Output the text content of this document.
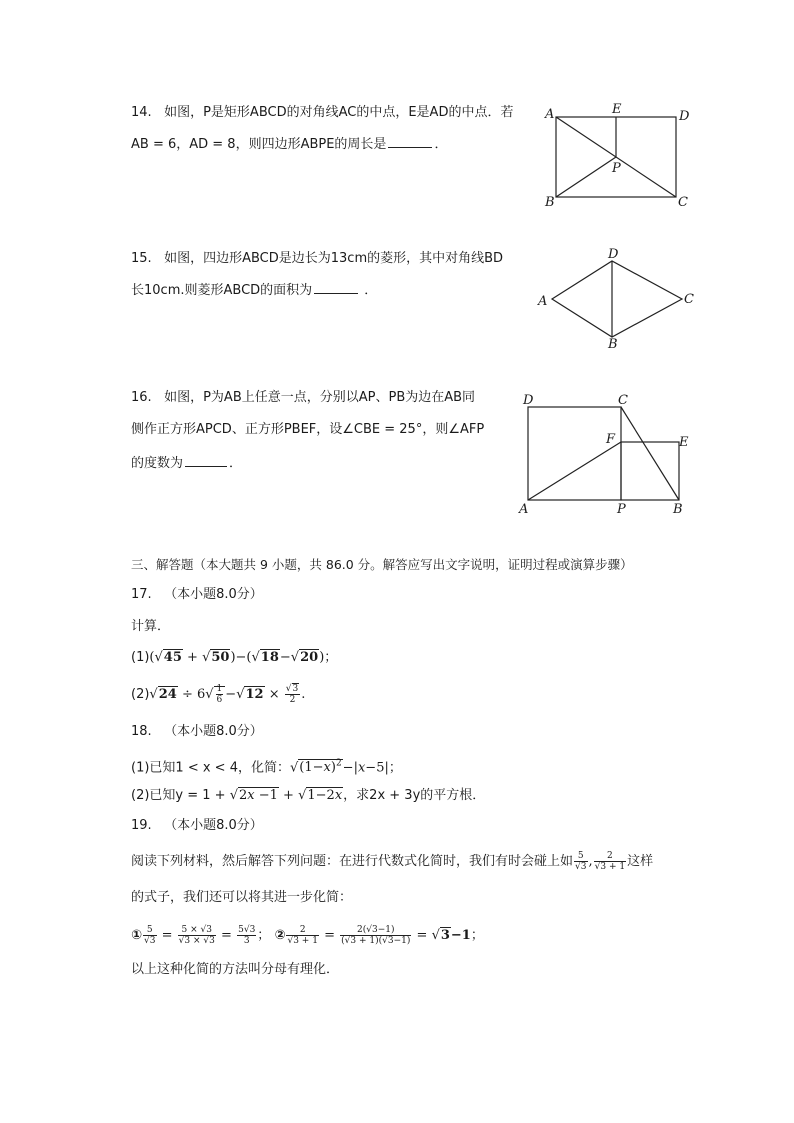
14. 如图，P是矩形ABCD的对角线AC的中点，E是AD的中点．若
AB = 6，AD = 8，则四边形ABPE的周长是	．
A	E	D
P
B	C
15. 如图，四边形ABCD是边长为13cm的菱形，其中对角线BD
长10cm.则菱形ABCD的面积为	．
D
A	C
B
16. 如图，P为AB上任意一点，分别以AP、PB为边在AB同
侧作正方形APCD、正方形PBEF，设∠CBE = 25°，则∠AFP
的度数为	．
D	C
F	E
A	P	B
三、解答题（本大题共 9 小题，共 86.0 分。解答应写出文字说明，证明过程或演算步骤）
17. （本小题8.0分）
计算．
(1)(√45 + √50)−(√18−√20)；
$(2)√24 \div 6√ \frac{1}{6} -√12 \times \frac{√3}{2}$ .
18. （本小题8.0分）
(1)已知1 < x < 4，化简：$√(1-x)^2-|x-5|$；
(2)已知y = 1 + √2x −1 + √1−2x，求2x + 3y的平方根．
19. （本小题8.0分）
阅读下列材料，然后解答下列问题：在进行代数式化简时，我们有时会碰上如 $\frac{5}{√3}$ , $\frac{2}{√3 + 1}$ 这样
的式子，我们还可以将其进一步化简：
① $\frac{5}{√3} = \frac{5 \times √3}{√3 \times √3} = \frac{5√3}{3}$ ； ② $\frac{2}{√3 + 1} = \frac{2(√3-1)}{(√3 + 1)(√3-1)} = √3-1$；
以上这种化简的方法叫分母有理化．
